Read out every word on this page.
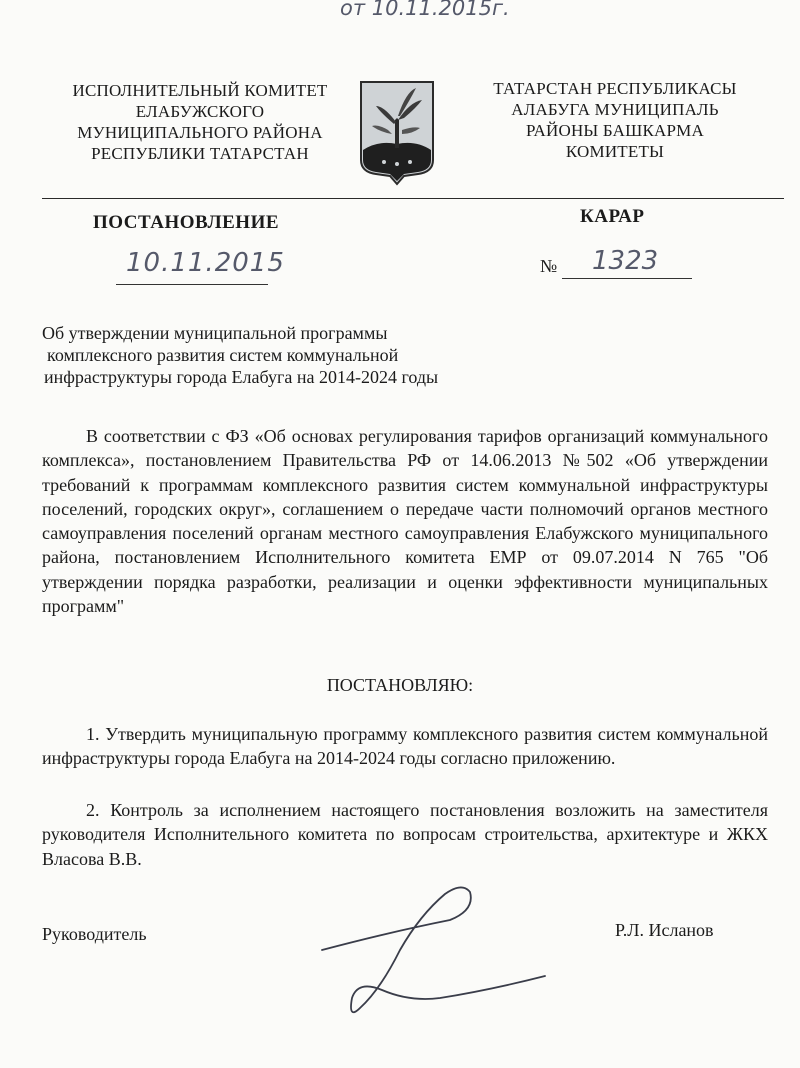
от 10.11.2015г.
ИСПОЛНИТЕЛЬНЫЙ КОМИТЕТ
ЕЛАБУЖСКОГО
МУНИЦИПАЛЬНОГО РАЙОНА
РЕСПУБЛИКИ ТАТАРСТАН
ТАТАРСТАН РЕСПУБЛИКАСЫ
АЛАБУГА МУНИЦИПАЛЬ
РАЙОНЫ БАШКАРМА
КОМИТЕТЫ
ПОСТАНОВЛЕНИЕ	КАРАР
10.11.2015	№ 1323
Об утверждении муниципальной программы
комплексного развития систем коммунальной
инфраструктуры города Елабуга на 2014-2024 годы
В соответствии с ФЗ «Об основах регулирования тарифов организаций коммунального комплекса», постановлением Правительства РФ от 14.06.2013 №502 «Об утверждении требований к программам комплексного развития систем коммунальной инфраструктуры поселений, городских округ», соглашением о передаче части полномочий органов местного самоуправления поселений органам местного самоуправления Елабужского муниципального района, постановлением Исполнительного комитета ЕМР от 09.07.2014 N 765 "Об утверждении порядка разработки, реализации и оценки эффективности муниципальных программ"
ПОСТАНОВЛЯЮ:
1. Утвердить муниципальную программу комплексного развития систем коммунальной инфраструктуры города Елабуга на 2014-2024 годы согласно приложению.
2. Контроль за исполнением настоящего постановления возложить на заместителя руководителя Исполнительного комитета по вопросам строительства, архитектуре и ЖКХ Власова В.В.
Руководитель	Р.Л. Исланов
